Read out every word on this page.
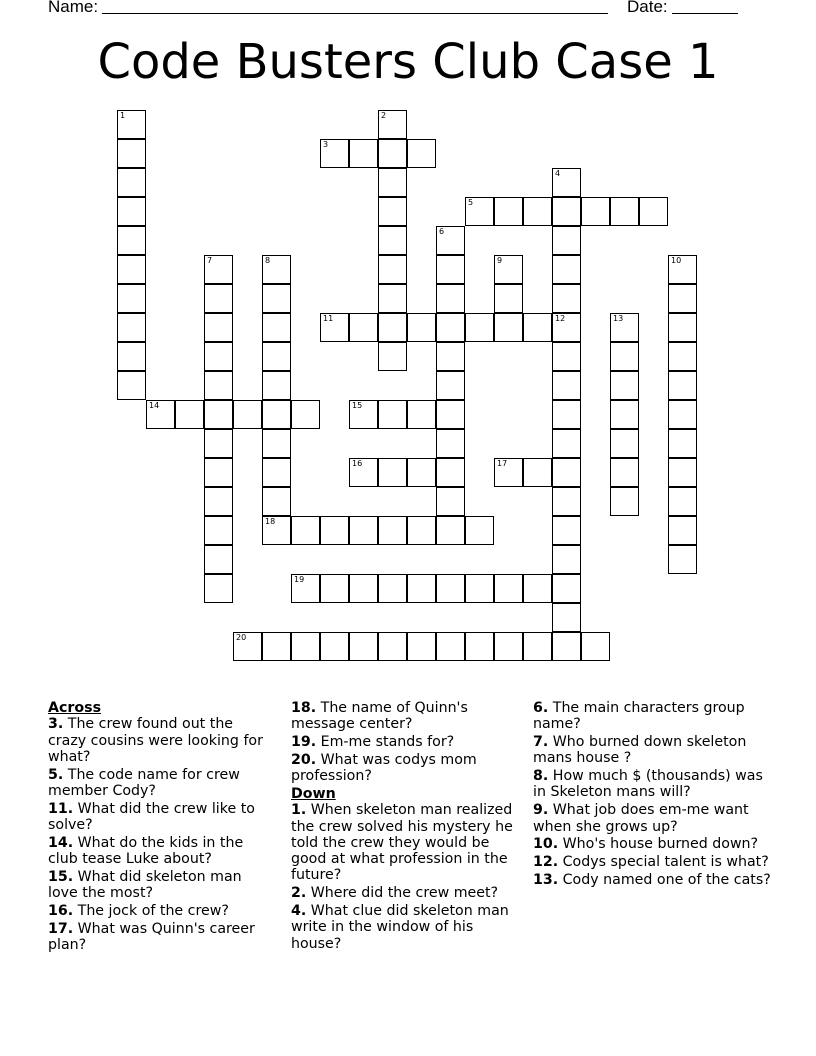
Name:	Date:
Code Busters Club Case 1
1	2
3
4
5
6
7	8	9	10
11	12	13
14	15
16	17
18
19
20
Across
3. The crew found out the crazy cousins were looking for what?
5. The code name for crew member Cody?
11. What did the crew like to solve?
14. What do the kids in the club tease Luke about?
15. What did skeleton man love the most?
16. The jock of the crew?
17. What was Quinn's career plan?
18. The name of Quinn's message center?
19. Em-me stands for?
20. What was codys mom profession?
Down
1. When skeleton man realized the crew solved his mystery he told the crew they would be good at what profession in the future?
2. Where did the crew meet?
4. What clue did skeleton man write in the window of his house?
6. The main characters group name?
7. Who burned down skeleton mans house ?
8. How much $ (thousands) was in Skeleton mans will?
9. What job does em-me want when she grows up?
10. Who's house burned down?
12. Codys special talent is what?
13. Cody named one of the cats?
